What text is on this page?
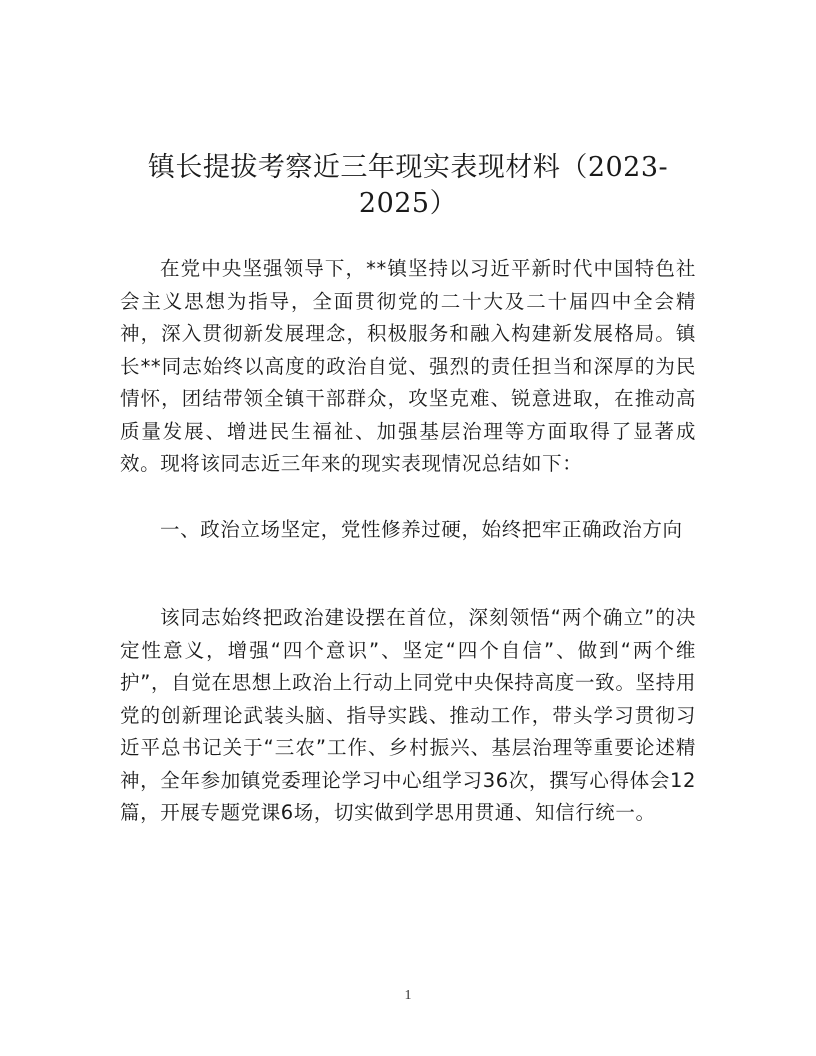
镇长提拔考察近三年现实表现材料（2023-
2025）

在党中央坚强领导下，**镇坚持以习近平新时代中国特色社会主义思想为指导，全面贯彻党的二十大及二十届四中全会精神，深入贯彻新发展理念，积极服务和融入构建新发展格局。镇长**同志始终以高度的政治自觉、强烈的责任担当和深厚的为民情怀，团结带领全镇干部群众，攻坚克难、锐意进取，在推动高质量发展、增进民生福祉、加强基层治理等方面取得了显著成效。现将该同志近三年来的现实表现情况总结如下：

一、政治立场坚定，党性修养过硬，始终把牢正确政治方向

该同志始终把政治建设摆在首位，深刻领悟“两个确立”的决定性意义，增强“四个意识”、坚定“四个自信”、做到“两个维护”，自觉在思想上政治上行动上同党中央保持高度一致。坚持用党的创新理论武装头脑、指导实践、推动工作，带头学习贯彻习近平总书记关于“三农”工作、乡村振兴、基层治理等重要论述精神，全年参加镇党委理论学习中心组学习36次，撰写心得体会12篇，开展专题党课6场，切实做到学思用贯通、知信行统一。

1
